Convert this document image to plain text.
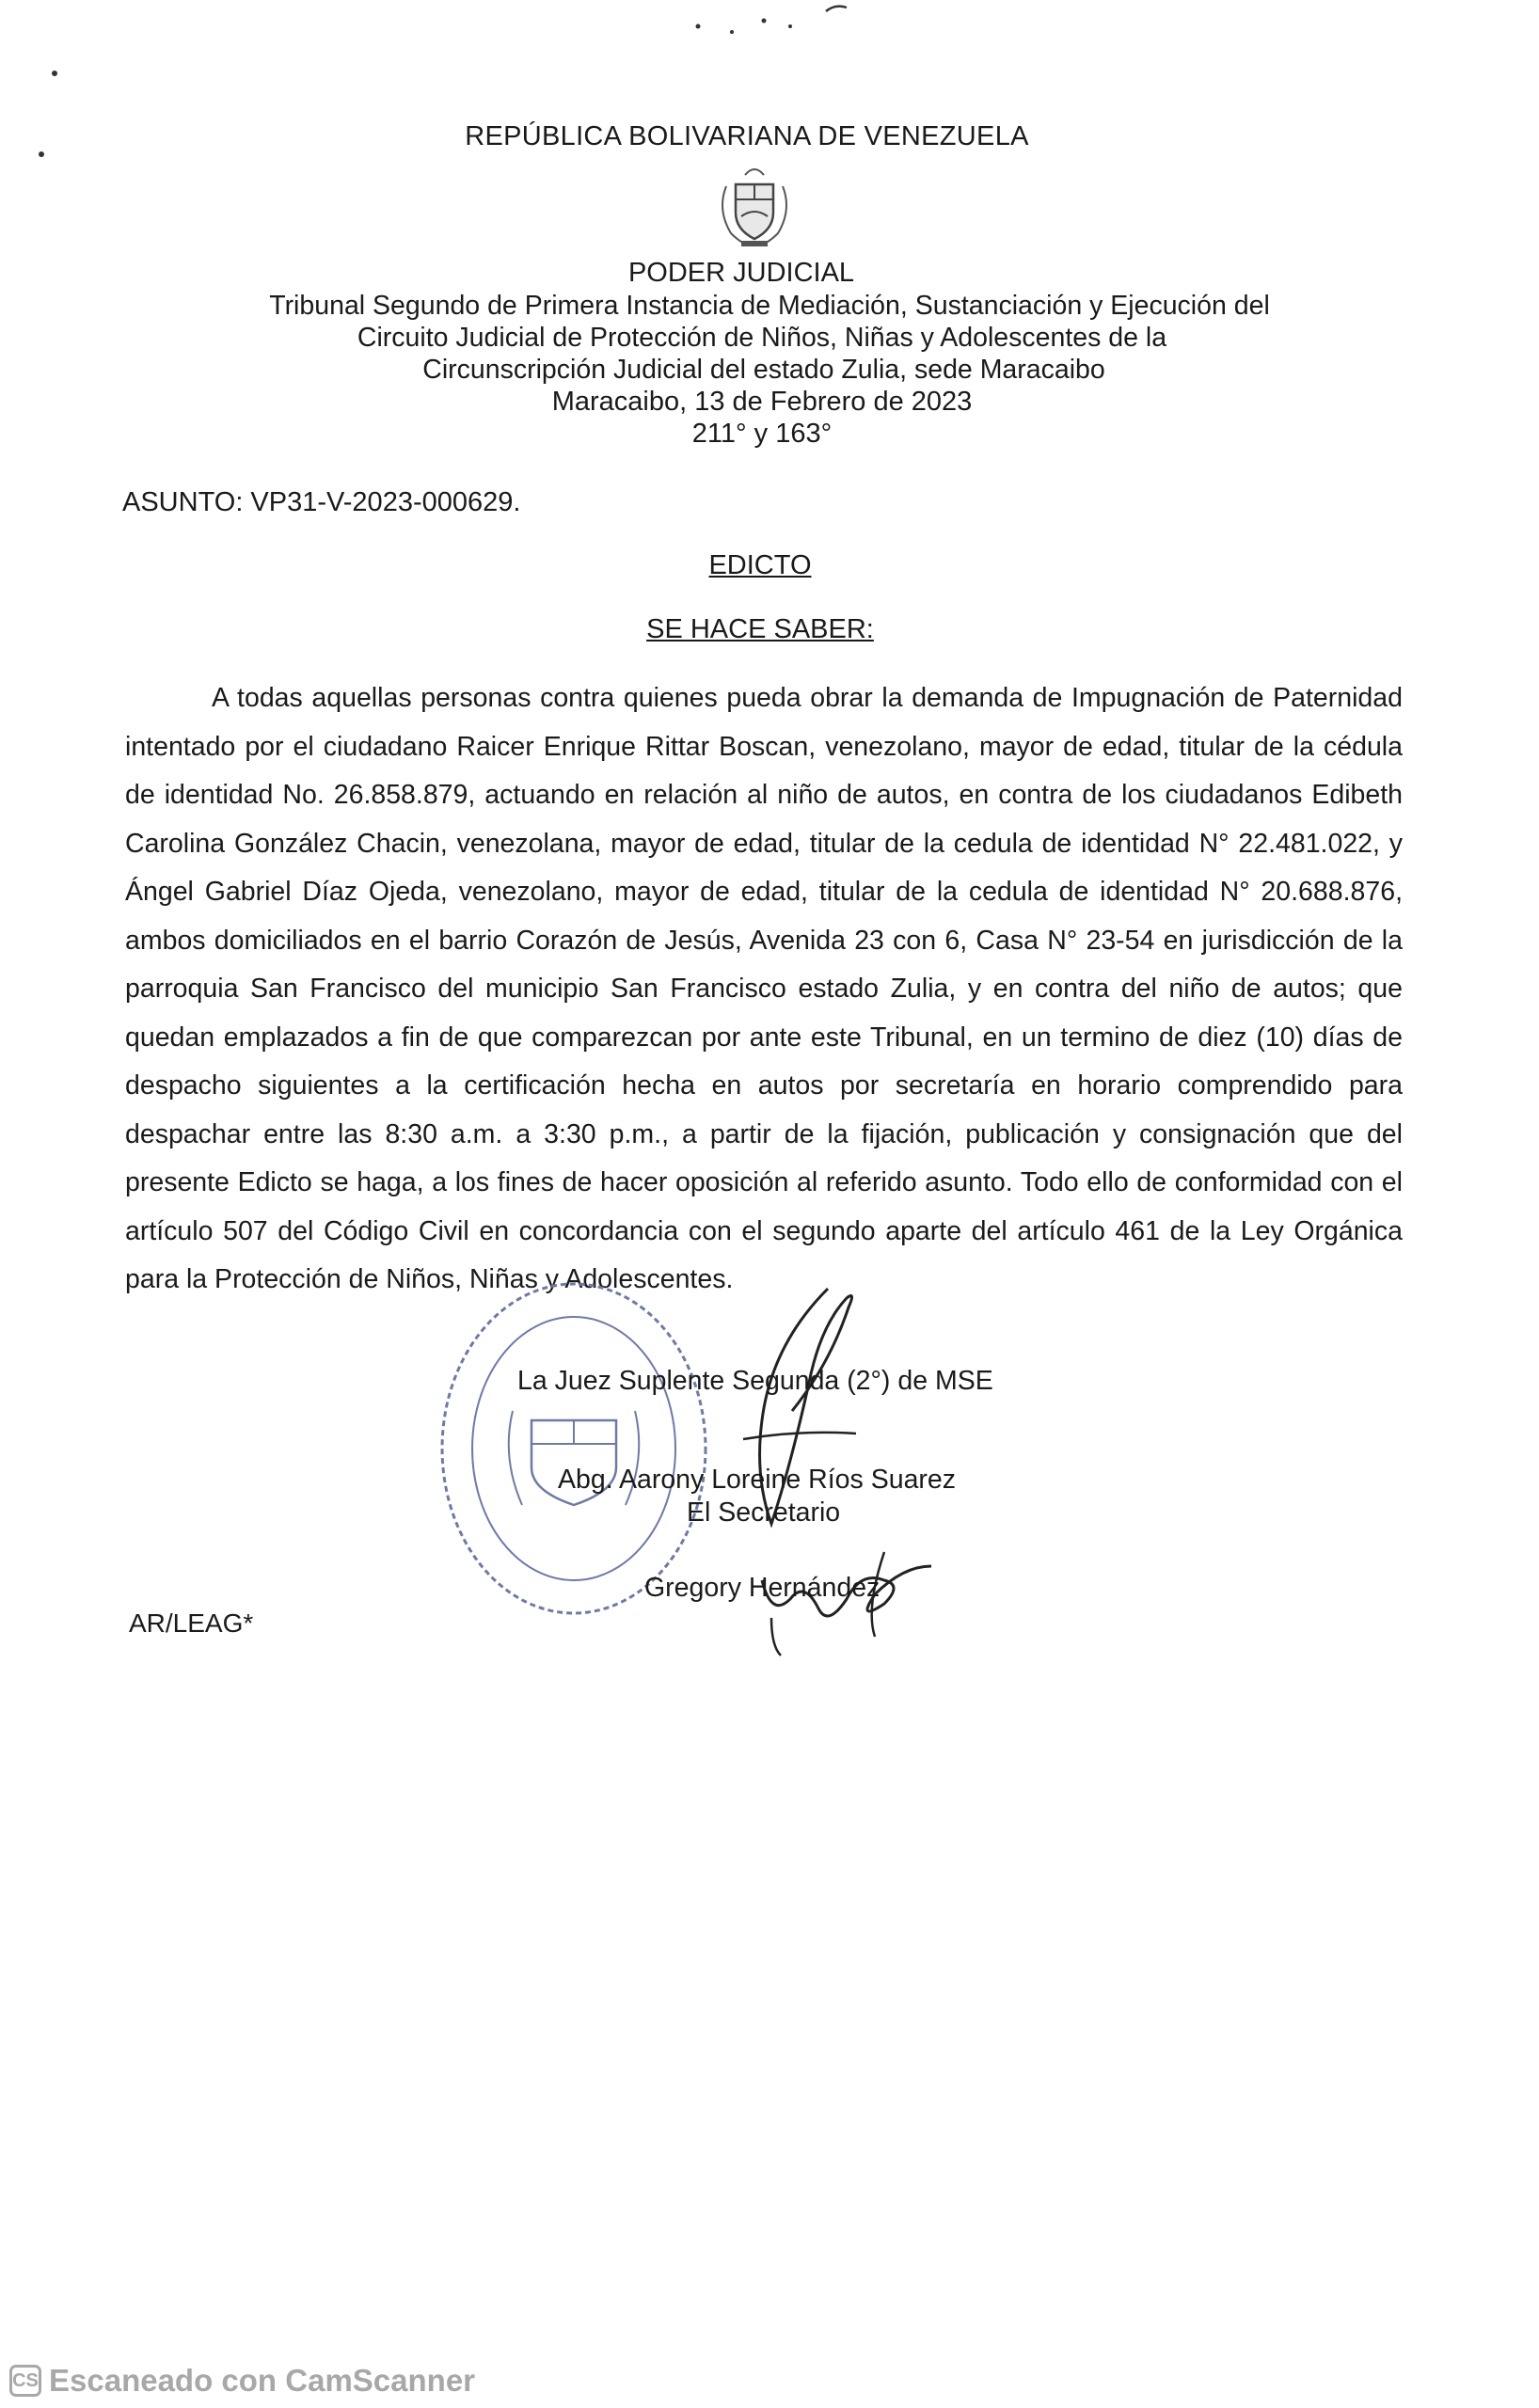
REPÚBLICA BOLIVARIANA DE VENEZUELA
PODER JUDICIAL
Tribunal Segundo de Primera Instancia de Mediación, Sustanciación y Ejecución del
Circuito Judicial de Protección de Niños, Niñas y Adolescentes de la
Circunscripción Judicial del estado Zulia, sede Maracaibo
Maracaibo, 13 de Febrero de 2023
211° y 163°
ASUNTO: VP31-V-2023-000629.
EDICTO
SE HACE SABER:

A todas aquellas personas contra quienes pueda obrar la demanda de Impugnación de Paternidad intentado por el ciudadano Raicer Enrique Rittar Boscan, venezolano, mayor de edad, titular de la cédula de identidad No. 26.858.879, actuando en relación al niño de autos, en contra de los ciudadanos Edibeth Carolina González Chacin, venezolana, mayor de edad, titular de la cedula de identidad N° 22.481.022, y Ángel Gabriel Díaz Ojeda, venezolano, mayor de edad, titular de la cedula de identidad N° 20.688.876, ambos domiciliados en el barrio Corazón de Jesús, Avenida 23 con 6, Casa N° 23-54 en jurisdicción de la parroquia San Francisco del municipio San Francisco estado Zulia, y en contra del niño de autos; que quedan emplazados a fin de que comparezcan por ante este Tribunal, en un termino de diez (10) días de despacho siguientes a la certificación hecha en autos por secretaría en horario comprendido para despachar entre las 8:30 a.m. a 3:30 p.m., a partir de la fijación, publicación y consignación que del presente Edicto se haga, a los fines de hacer oposición al referido asunto. Todo ello de conformidad con el artículo 507 del Código Civil en concordancia con el segundo aparte del artículo 461 de la Ley Orgánica para la Protección de Niños, Niñas y Adolescentes.

La Juez Suplente Segunda (2°) de MSE
Abg. Aarony Loreine Ríos Suarez
El Secretario
Gregory Hernández
AR/LEAG*
CS Escaneado con CamScanner
